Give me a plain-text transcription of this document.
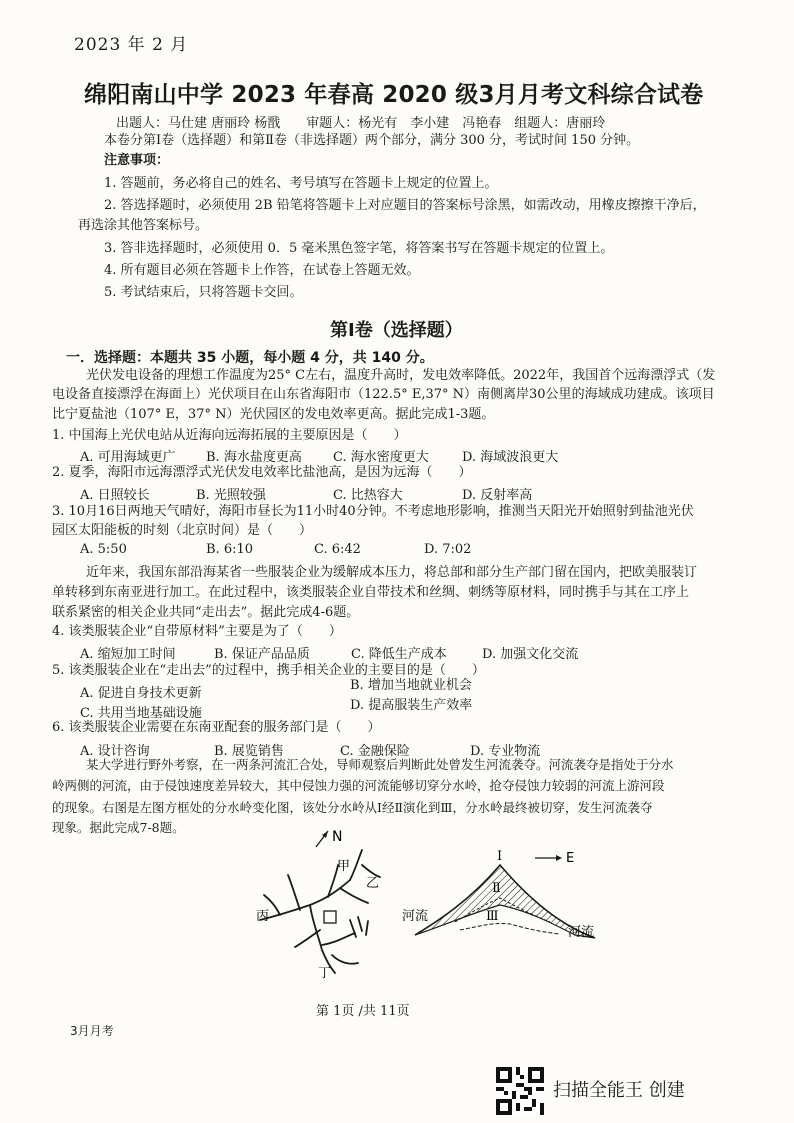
2023 年 2 月
绵阳南山中学 2023 年春高 2020 级3月月考文科综合试卷
出题人：马仕建 唐丽玲 杨戬　　审题人：杨光有　李小建　冯艳春　组题人：唐丽玲
本卷分第Ⅰ卷（选择题）和第Ⅱ卷（非选择题）两个部分，满分 300 分，考试时间 150 分钟。
注意事项：
1. 答题前，务必将自己的姓名、考号填写在答题卡上规定的位置上。
2. 答选择题时，必须使用 2B 铅笔将答题卡上对应题目的答案标号涂黑，如需改动，用橡皮擦擦干净后，
再选涂其他答案标号。
3. 答非选择题时，必须使用 0．5 毫米黑色签字笔，将答案书写在答题卡规定的位置上。
4. 所有题目必须在答题卡上作答，在试卷上答题无效。
5. 考试结束后，只将答题卡交回。
第Ⅰ卷（选择题）
一．选择题：本题共 35 小题，每小题 4 分，共 140 分。
光伏发电设备的理想工作温度为25° C左右，温度升高时，发电效率降低。2022年，我国首个远海漂浮式（发
电设备直接漂浮在海面上）光伏项目在山东省海阳市（122.5° E,37° N）南侧离岸30公里的海域成功建成。该项目
比宁夏盐池（107° E，37° N）光伏园区的发电效率更高。据此完成1-3题。
1. 中国海上光伏电站从近海向远海拓展的主要原因是（　　）
A. 可用海域更广 B. 海水盐度更高 C. 海水密度更大	D. 海域波浪更大
2. 夏季，海阳市远海漂浮式光伏发电效率比盐池高，是因为远海（　　）
A. 日照较长	B. 光照较强	C. 比热容大	D. 反射率高
3. 10月16日两地天气晴好，海阳市昼长为11小时40分钟。不考虑地形影响，推测当天阳光开始照射到盐池光伏
园区太阳能板的时刻（北京时间）是（　　）
A. 5:50	B. 6:10	C. 6:42	D. 7:02
近年来，我国东部沿海某省一些服装企业为缓解成本压力，将总部和部分生产部门留在国内，把欧美服装订
单转移到东南亚进行加工。在此过程中，该类服装企业自带技术和丝绸、刺绣等原材料，同时携手与其在工序上
联系紧密的相关企业共同“走出去”。据此完成4-6题。
4. 该类服装企业“自带原材料”主要是为了（　　）
A. 缩短加工时间	B. 保证产品品质	C. 降低生产成本	D. 加强文化交流
5. 该类服装企业在“走出去”的过程中，携手相关企业的主要目的是（　　）
A. 促进自身技术更新
B. 增加当地就业机会
C. 共用当地基础设施
D. 提高服装生产效率
6. 该类服装企业需要在东南亚配套的服务部门是（　　）
A. 设计咨询	B. 展览销售	C. 金融保险	D. 专业物流
某大学进行野外考察，在一两条河流汇合处，导师观察后判断此处曾发生河流袭夺。河流袭夺是指处于分水
岭两侧的河流，由于侵蚀速度差异较大，其中侵蚀力强的河流能够切穿分水岭，抢夺侵蚀力较弱的河流上游河段
的现象。右图是左图方框处的分水岭变化图，该处分水岭从Ⅰ经Ⅱ演化到Ⅲ，分水岭最终被切穿，发生河流袭夺
现象。据此完成7-8题。
N
甲
乙
丙
丁
Ⅰ
Ⅱ
Ⅲ
E
河流
河流
第 1页 /共 11页
3月月考
扫描全能王 创建
